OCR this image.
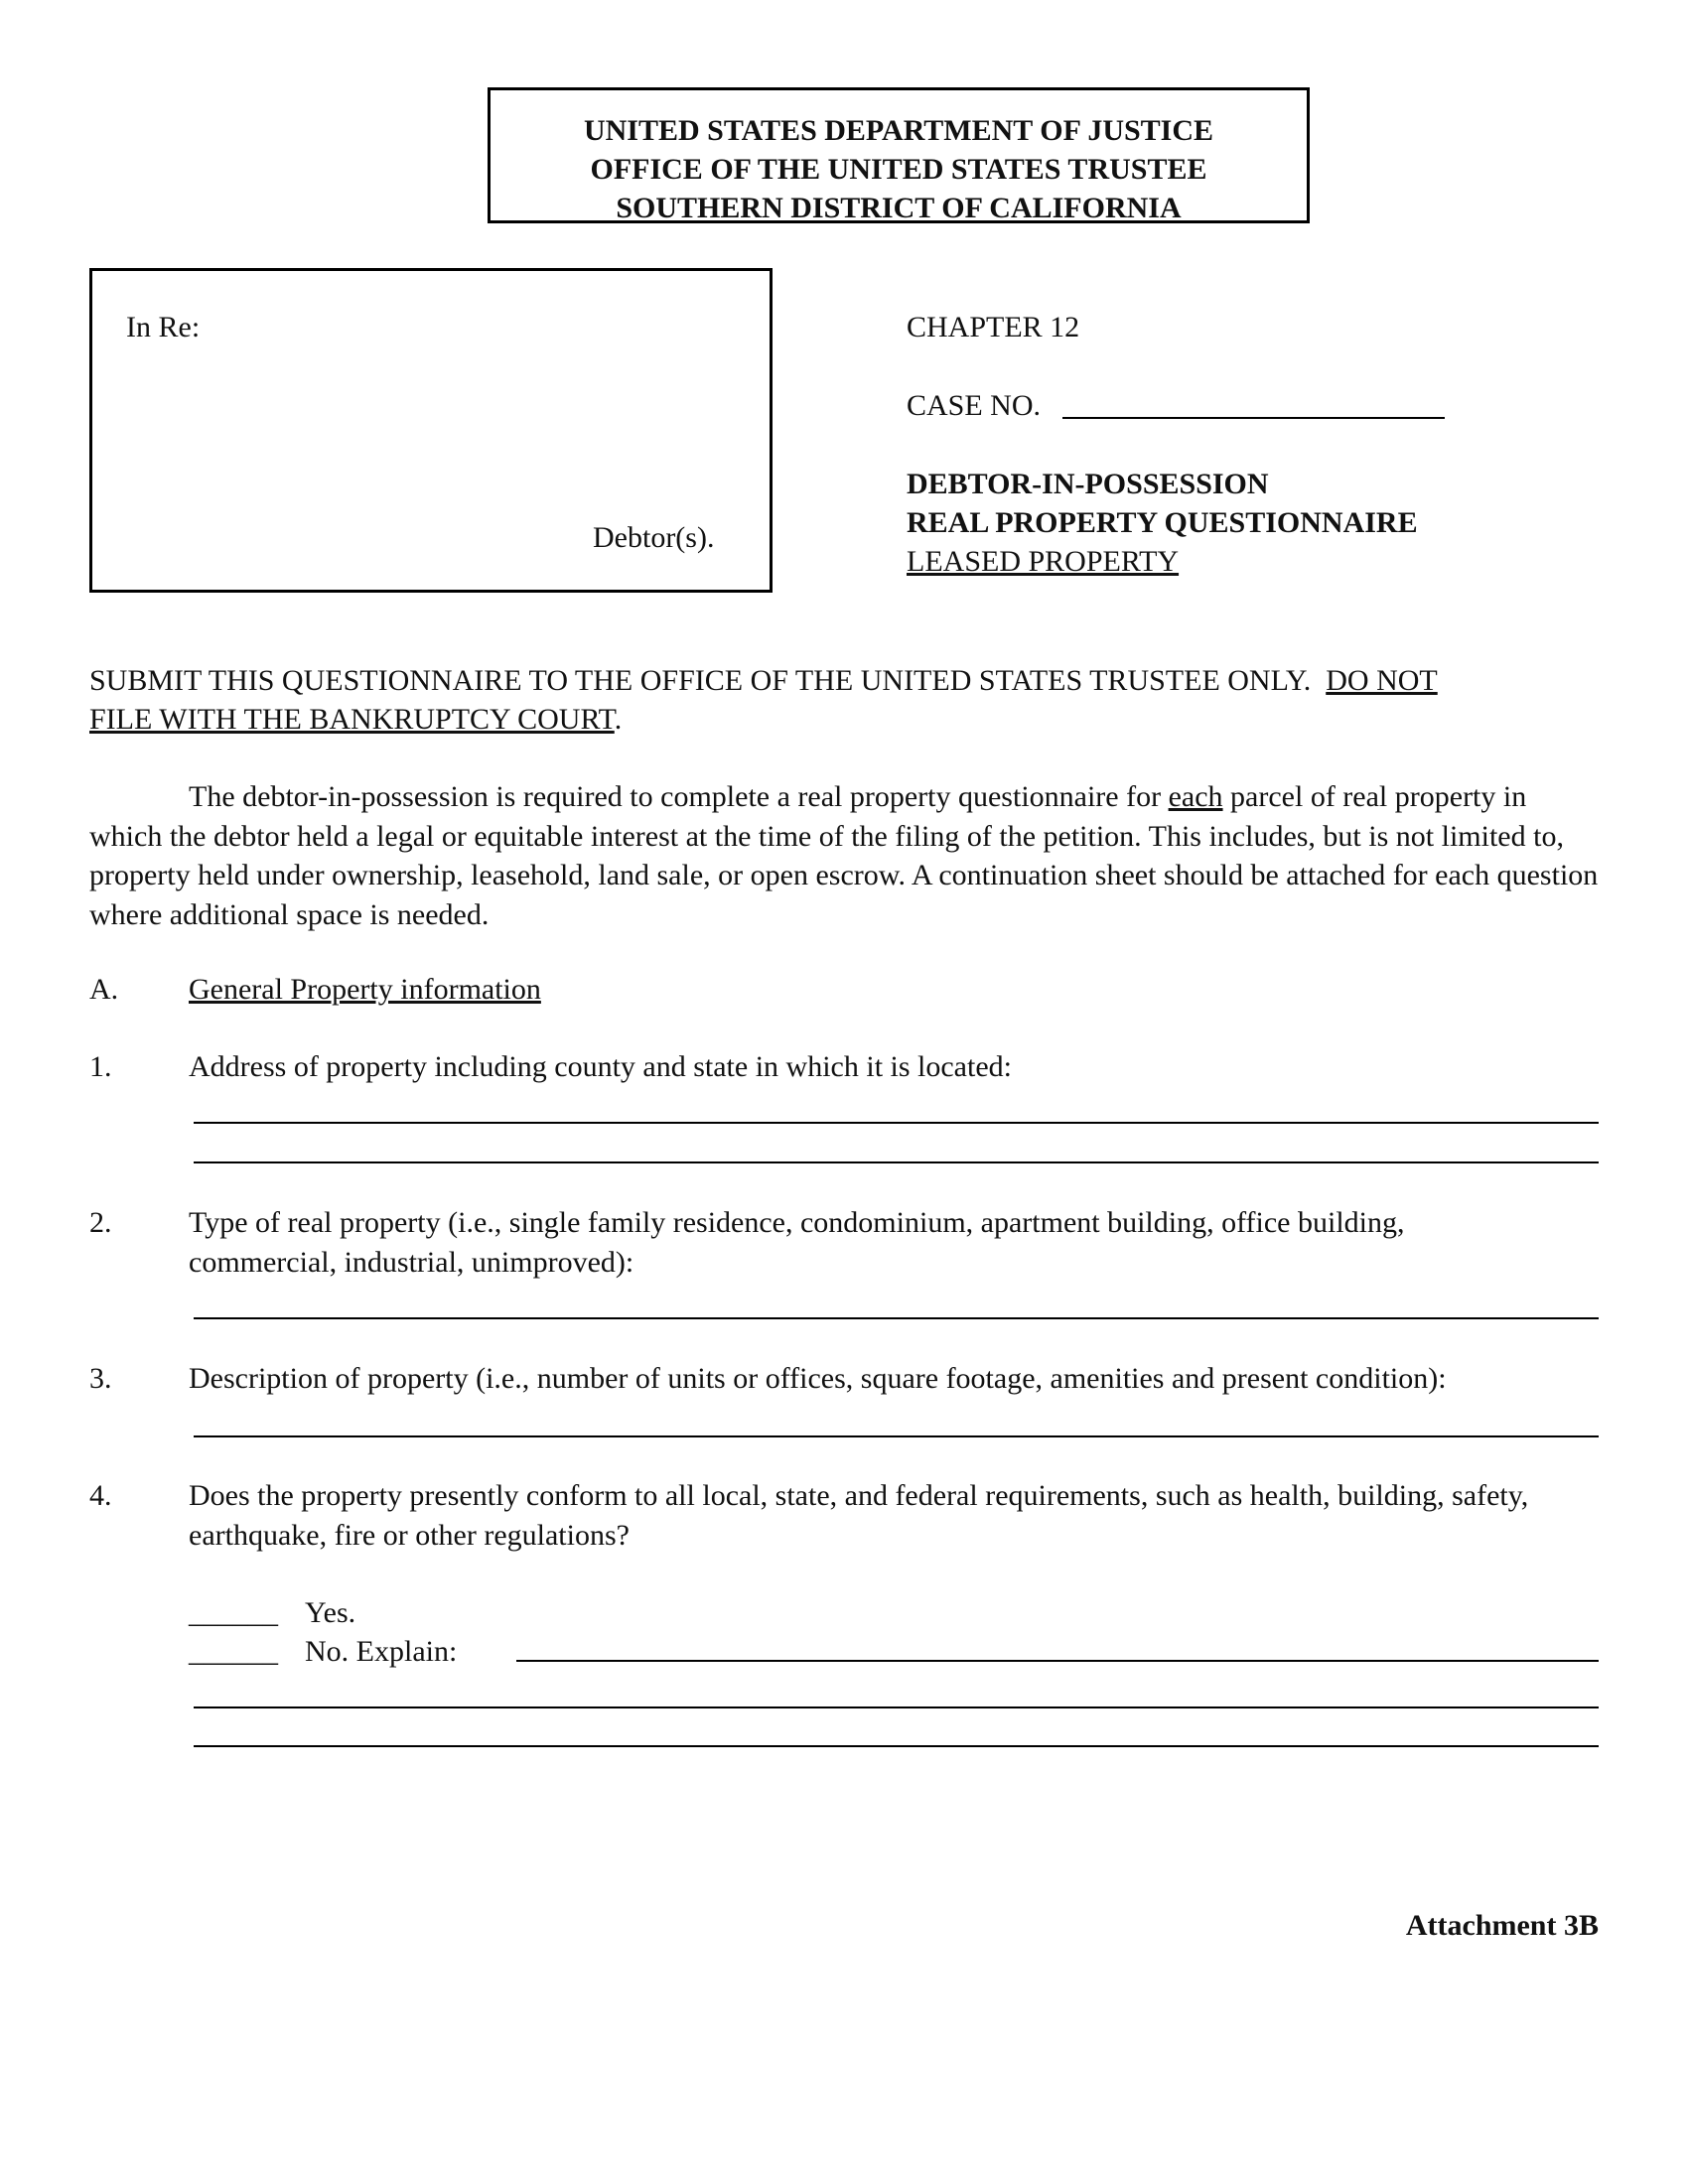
UNITED STATES DEPARTMENT OF JUSTICE
OFFICE OF THE UNITED STATES TRUSTEE
SOUTHERN DISTRICT OF CALIFORNIA
In Re:
Debtor(s).
CHAPTER 12
CASE NO.
DEBTOR-IN-POSSESSION
REAL PROPERTY QUESTIONNAIRE
LEASED PROPERTY
SUBMIT THIS QUESTIONNAIRE TO THE OFFICE OF THE UNITED STATES TRUSTEE ONLY. DO NOT
FILE WITH THE BANKRUPTCY COURT.
The debtor-in-possession is required to complete a real property questionnaire for each parcel of real property in which the debtor held a legal or equitable interest at the time of the filing of the petition. This includes, but is not limited to, property held under ownership, leasehold, land sale, or open escrow. A continuation sheet should be attached for each question where additional space is needed.
A. General Property information
1.	Address of property including county and state in which it is located:
2.	Type of real property (i.e., single family residence, condominium, apartment building, office building, commercial, industrial, unimproved):
3.	Description of property (i.e., number of units or offices, square footage, amenities and present condition):
4.	Does the property presently conform to all local, state, and federal requirements, such as health, building, safety, earthquake, fire or other regulations?
______ Yes.
______ No. Explain:
Attachment 3B
